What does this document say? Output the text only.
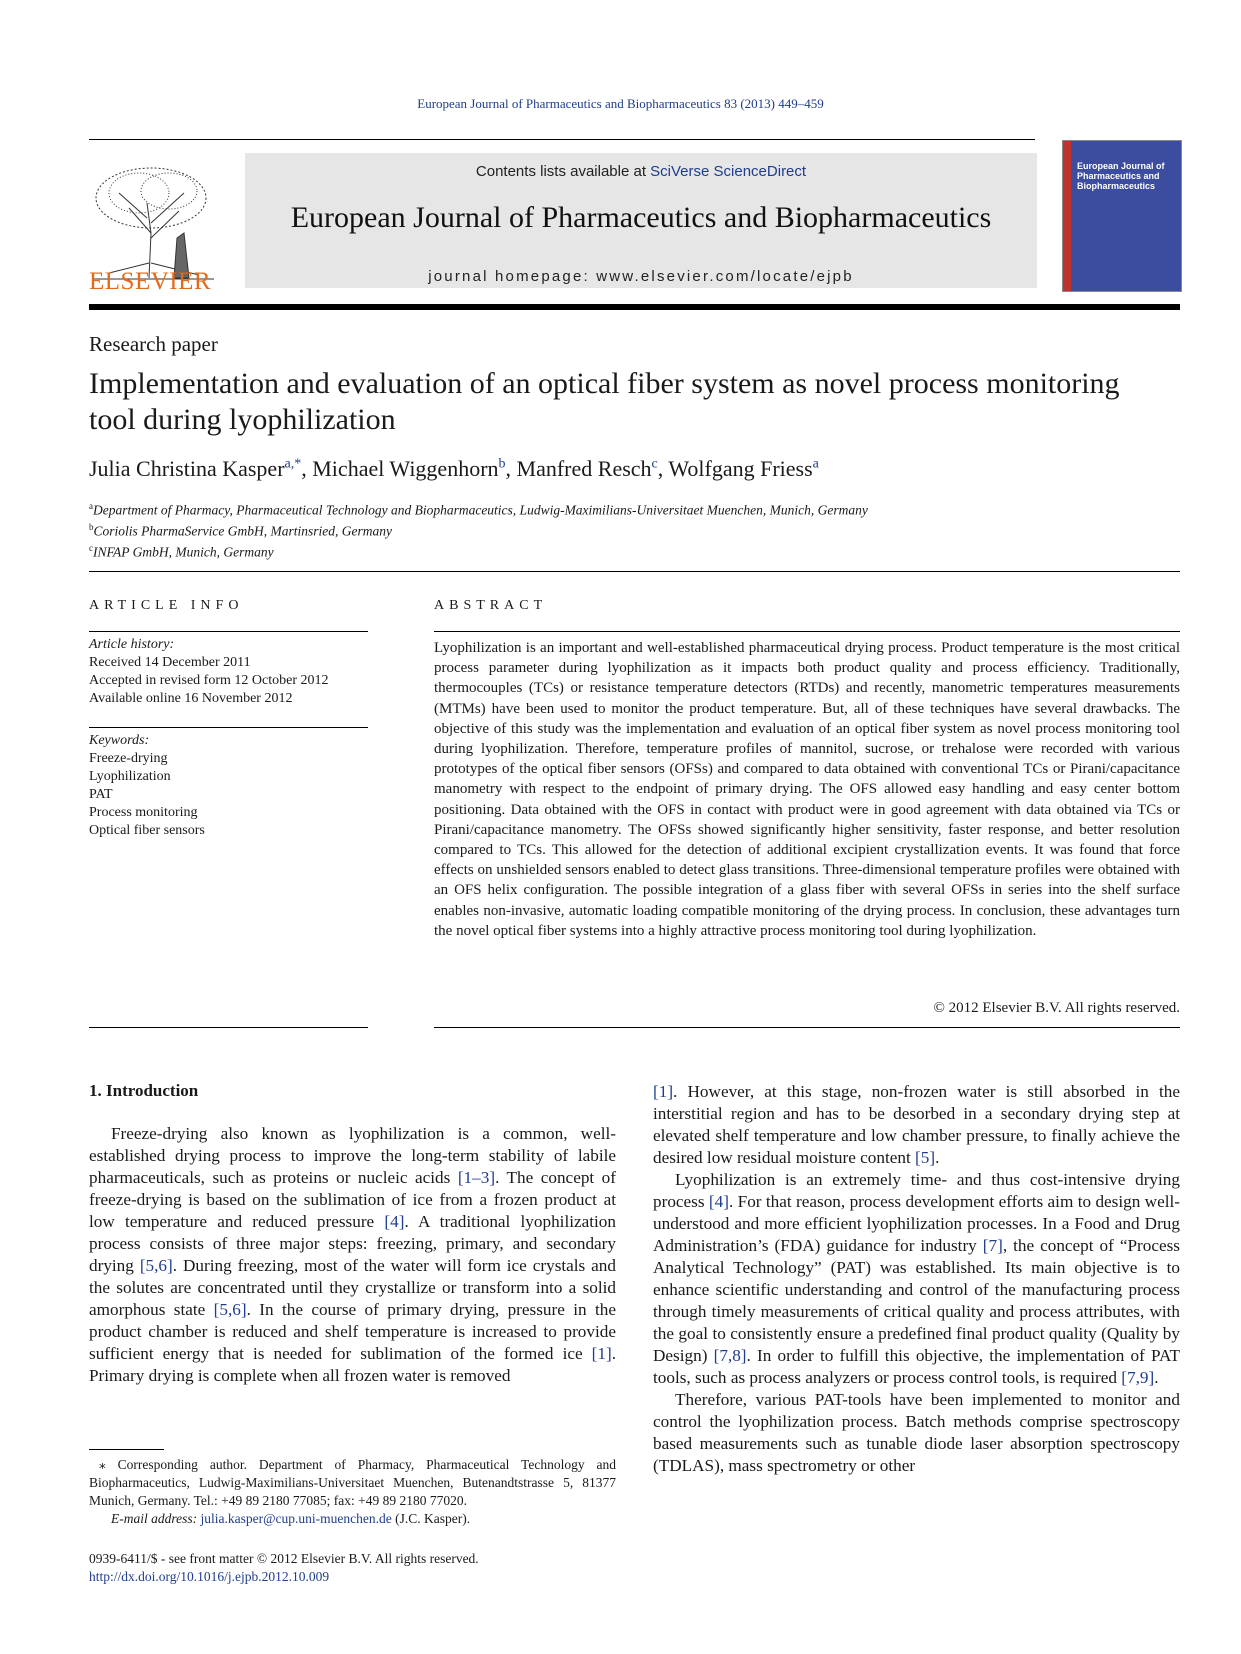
European Journal of Pharmaceutics and Biopharmaceutics 83 (2013) 449–459
ELSEVIER
Contents lists available at SciVerse ScienceDirect
European Journal of Pharmaceutics and Biopharmaceutics
journal homepage: www.elsevier.com/locate/ejpb
European Journal of Pharmaceutics and Biopharmaceutics
Research paper
Implementation and evaluation of an optical fiber system as novel process monitoring tool during lyophilization
Julia Christina Kasper$^{a,*}$, Michael Wiggenhorn$^b$, Manfred Resch$^c$, Wolfgang Friess$^a$
$^a$Department of Pharmacy, Pharmaceutical Technology and Biopharmaceutics, Ludwig-Maximilians-Universitaet Muenchen, Munich, Germany
$^b$Coriolis PharmaService GmbH, Martinsried, Germany
$^c$INFAP GmbH, Munich, Germany
ARTICLE INFO
Article history:
Received 14 December 2011
Accepted in revised form 12 October 2012
Available online 16 November 2012
Keywords:
Freeze-drying
Lyophilization
PAT
Process monitoring
Optical fiber sensors
ABSTRACT
Lyophilization is an important and well-established pharmaceutical drying process. Product temperature is the most critical process parameter during lyophilization as it impacts both product quality and process efficiency. Traditionally, thermocouples (TCs) or resistance temperature detectors (RTDs) and recently, manometric temperatures measurements (MTMs) have been used to monitor the product temperature. But, all of these techniques have several drawbacks. The objective of this study was the implementation and evaluation of an optical fiber system as novel process monitoring tool during lyophilization. Therefore, temperature profiles of mannitol, sucrose, or trehalose were recorded with various prototypes of the optical fiber sensors (OFSs) and compared to data obtained with conventional TCs or Pirani/capacitance manometry with respect to the endpoint of primary drying. The OFS allowed easy handling and easy center bottom positioning. Data obtained with the OFS in contact with product were in good agreement with data obtained via TCs or Pirani/capacitance manometry. The OFSs showed significantly higher sensitivity, faster response, and better resolution compared to TCs. This allowed for the detection of additional excipient crystallization events. It was found that force effects on unshielded sensors enabled to detect glass transitions. Three-dimensional temperature profiles were obtained with an OFS helix configuration. The possible integration of a glass fiber with several OFSs in series into the shelf surface enables non-invasive, automatic loading compatible monitoring of the drying process. In conclusion, these advantages turn the novel optical fiber systems into a highly attractive process monitoring tool during lyophilization.
© 2012 Elsevier B.V. All rights reserved.
1. Introduction

Freeze-drying also known as lyophilization is a common, well-established drying process to improve the long-term stability of labile pharmaceuticals, such as proteins or nucleic acids [1–3]. The concept of freeze-drying is based on the sublimation of ice from a frozen product at low temperature and reduced pressure [4]. A traditional lyophilization process consists of three major steps: freezing, primary, and secondary drying [5,6]. During freezing, most of the water will form ice crystals and the solutes are concentrated until they crystallize or transform into a solid amorphous state [5,6]. In the course of primary drying, pressure in the product chamber is reduced and shelf temperature is increased to provide sufficient energy that is needed for sublimation of the formed ice [1]. Primary drying is complete when all frozen water is removed

[1]. However, at this stage, non-frozen water is still absorbed in the interstitial region and has to be desorbed in a secondary drying step at elevated shelf temperature and low chamber pressure, to finally achieve the desired low residual moisture content [5].

Lyophilization is an extremely time- and thus cost-intensive drying process [4]. For that reason, process development efforts aim to design well-understood and more efficient lyophilization processes. In a Food and Drug Administration’s (FDA) guidance for industry [7], the concept of “Process Analytical Technology” (PAT) was established. Its main objective is to enhance scientific understanding and control of the manufacturing process through timely measurements of critical quality and process attributes, with the goal to consistently ensure a predefined final product quality (Quality by Design) [7,8]. In order to fulfill this objective, the implementation of PAT tools, such as process analyzers or process control tools, is required [7,9].

Therefore, various PAT-tools have been implemented to monitor and control the lyophilization process. Batch methods comprise spectroscopy based measurements such as tunable diode laser absorption spectroscopy (TDLAS), mass spectrometry or other

⁎ Corresponding author. Department of Pharmacy, Pharmaceutical Technology and Biopharmaceutics, Ludwig-Maximilians-Universitaet Muenchen, Butenandtstrasse 5, 81377 Munich, Germany. Tel.: +49 89 2180 77085; fax: +49 89 2180 77020.
E-mail address: julia.kasper@cup.uni-muenchen.de (J.C. Kasper).
0939-6411/$ - see front matter © 2012 Elsevier B.V. All rights reserved.
http://dx.doi.org/10.1016/j.ejpb.2012.10.009
